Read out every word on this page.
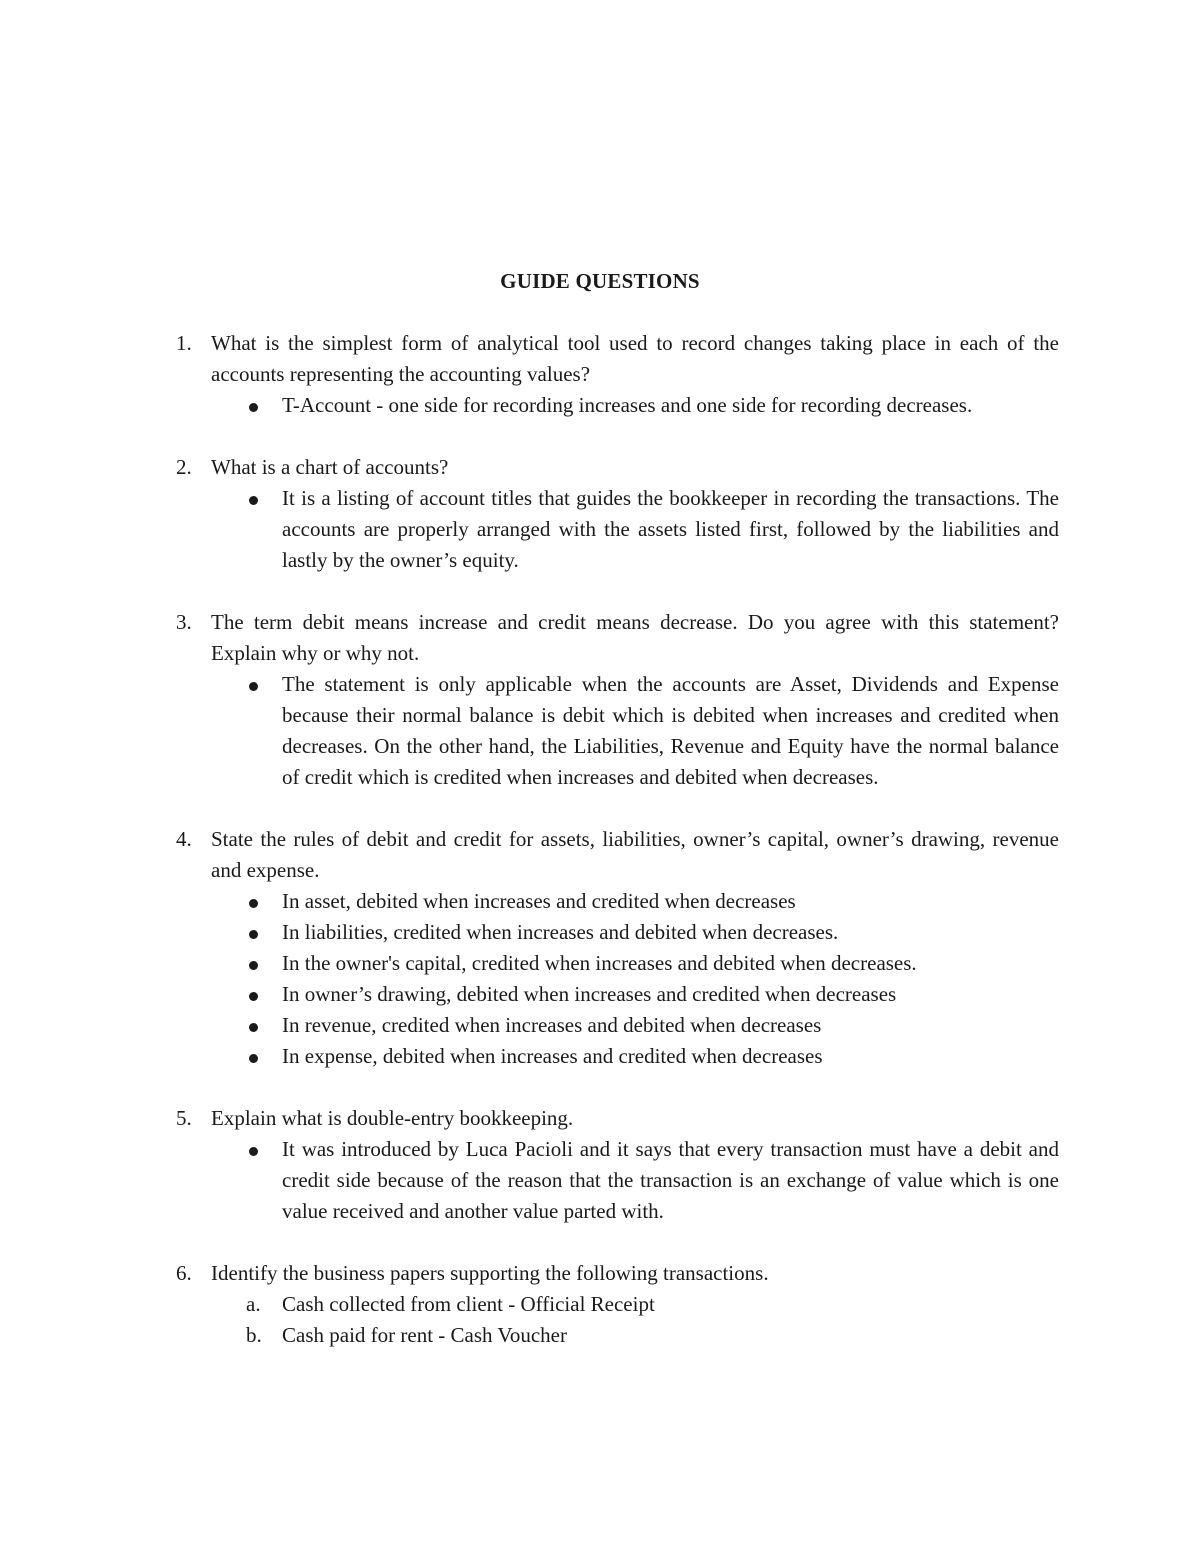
GUIDE QUESTIONS
1. What is the simplest form of analytical tool used to record changes taking place in each of the accounts representing the accounting values?
T-Account - one side for recording increases and one side for recording decreases.
2. What is a chart of accounts?
It is a listing of account titles that guides the bookkeeper in recording the transactions. The accounts are properly arranged with the assets listed first, followed by the liabilities and lastly by the owner’s equity.
3. The term debit means increase and credit means decrease. Do you agree with this statement? Explain why or why not.
The statement is only applicable when the accounts are Asset, Dividends and Expense because their normal balance is debit which is debited when increases and credited when decreases. On the other hand, the Liabilities, Revenue and Equity have the normal balance of credit which is credited when increases and debited when decreases.
4. State the rules of debit and credit for assets, liabilities, owner’s capital, owner’s drawing, revenue and expense.
In asset, debited when increases and credited when decreases
In liabilities, credited when increases and debited when decreases.
In the owner's capital, credited when increases and debited when decreases.
In owner’s drawing, debited when increases and credited when decreases
In revenue, credited when increases and debited when decreases
In expense, debited when increases and credited when decreases
5. Explain what is double-entry bookkeeping.
It was introduced by Luca Pacioli and it says that every transaction must have a debit and credit side because of the reason that the transaction is an exchange of value which is one value received and another value parted with.
6. Identify the business papers supporting the following transactions.
a. Cash collected from client - Official Receipt
b. Cash paid for rent - Cash Voucher
